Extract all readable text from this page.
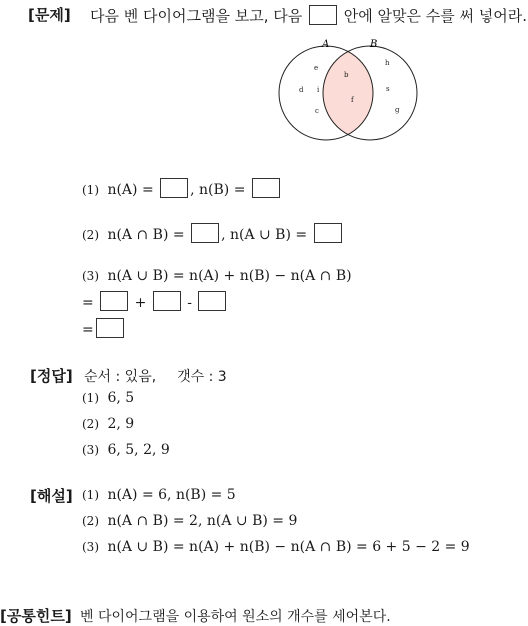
[문제] 다음 벤 다이어그램을 보고, 다음	안에 알맞은 수를 써 넣어라.
A	B
e
d i
c
b
f
h
s
g
(1) n(A) =	, n(B) =
(2) n(A ∩ B) =	, n(A ∪ B) =
(3) n(A ∪ B) = n(A) + n(B) − n(A ∩ B)
=	+	-
=
[정답] 순서 : 있음, 갯수 : 3
(1) 6, 5
(2) 2, 9
(3) 6, 5, 2, 9
[해설] (1) n(A) = 6, n(B) = 5
(2) n(A ∩ B) = 2, n(A ∪ B) = 9
(3) n(A ∪ B) = n(A) + n(B) − n(A ∩ B) = 6 + 5 − 2 = 9
[공통힌트] 벤 다이어그램을 이용하여 원소의 개수를 세어본다.
